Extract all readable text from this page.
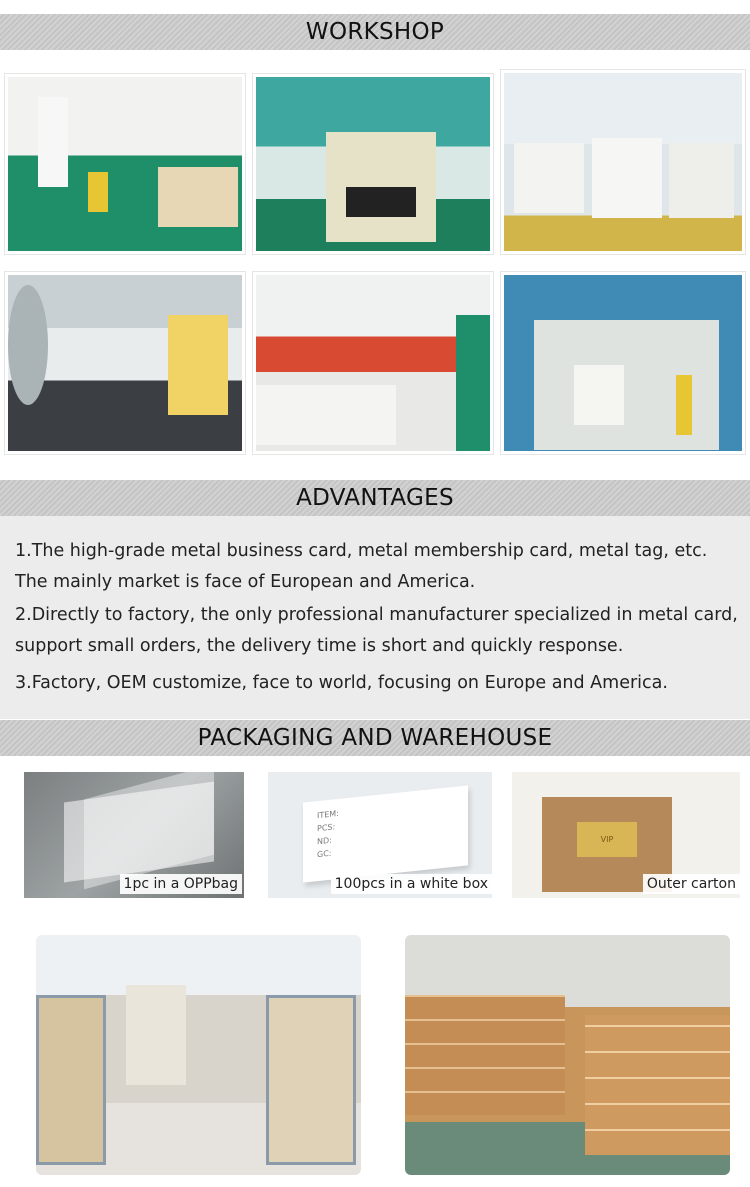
WORKSHOP
ADVANTAGES

1.The high-grade metal business card, metal membership card, metal tag, etc. The mainly market is face of European and America.

2.Directly to factory, the only professional manufacturer specialized in metal card, support small orders, the delivery time is short and quickly response.

3.Factory, OEM customize, face to world, focusing on Europe and America.

PACKAGING AND WAREHOUSE
1pc in a OPPbag
ITEM:
PCS:
ND:
GC:
100pcs in a white box
VIP
Outer carton
